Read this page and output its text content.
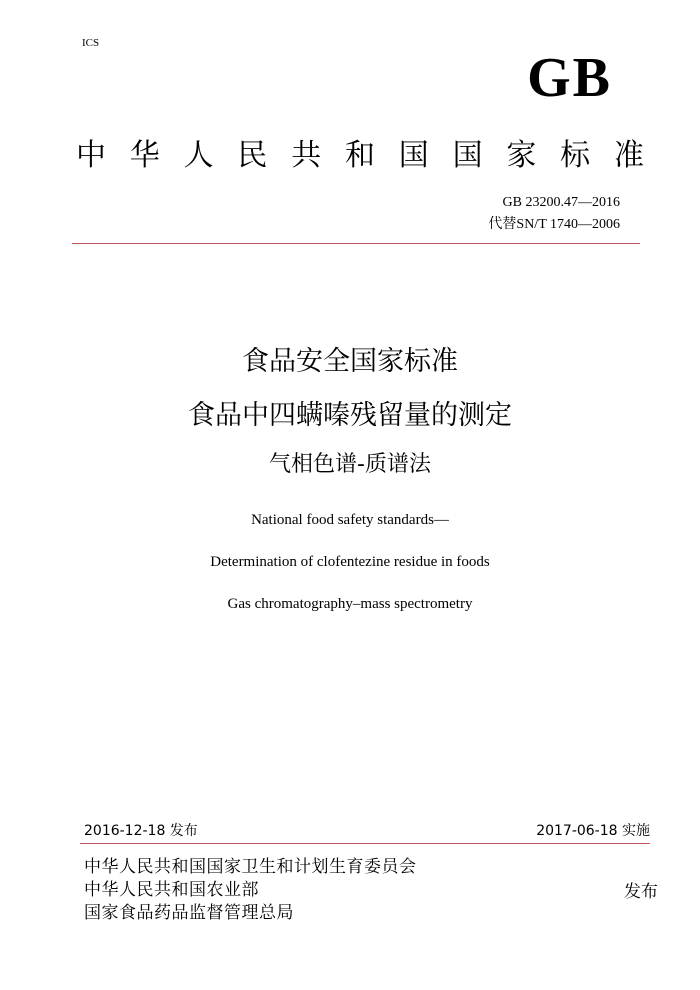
ICS
GB
中 华 人 民 共 和 国 国 家 标 准
GB 23200.47—2016
代替SN/T 1740—2006
食品安全国家标准
食品中四螨嗪残留量的测定
气相色谱-质谱法
National food safety standards—
Determination of clofentezine residue in foods
Gas chromatography–mass spectrometry
2016-12-18 发布	2017-06-18 实施
中华人民共和国国家卫生和计划生育委员会
中华人民共和国农业部
国家食品药品监督管理总局
发布
